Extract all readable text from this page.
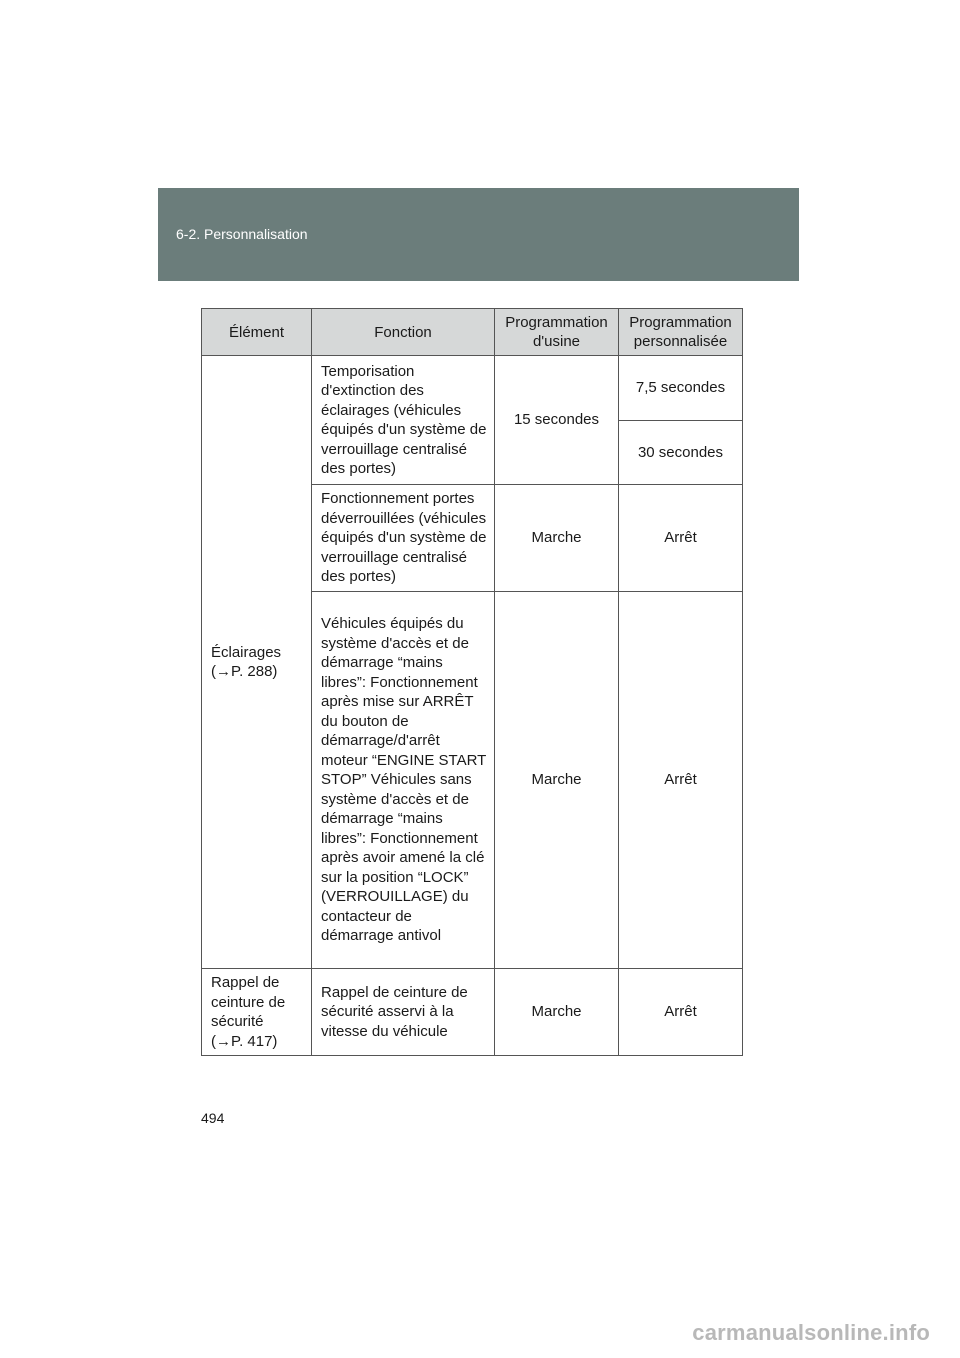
6-2. Personnalisation
Élément	Fonction	Programmation d'usine	Programmation personnalisée

Éclairages
(→P. 288)	Temporisation d'extinction des éclairages (véhicules équipés d'un système de verrouillage centralisé des portes)	15 secondes	7,5 secondes
			30 secondes
	Fonctionnement portes déverrouillées (véhicules équipés d'un système de verrouillage centralisé des portes)	Marche	Arrêt
	Véhicules équipés du système d'accès et de démarrage “mains libres”: Fonctionnement après mise sur ARRÊT du bouton de démarrage/d'arrêt moteur “ENGINE START STOP” Véhicules sans système d'accès et de démarrage “mains libres”: Fonctionnement après avoir amené la clé sur la position “LOCK” (VERROUILLAGE) du contacteur de démarrage antivol	Marche	Arrêt

Rappel de ceinture de sécurité
(→P. 417)	Rappel de ceinture de sécurité asservi à la vitesse du véhicule	Marche	Arrêt
494
carmanualsonline.info
